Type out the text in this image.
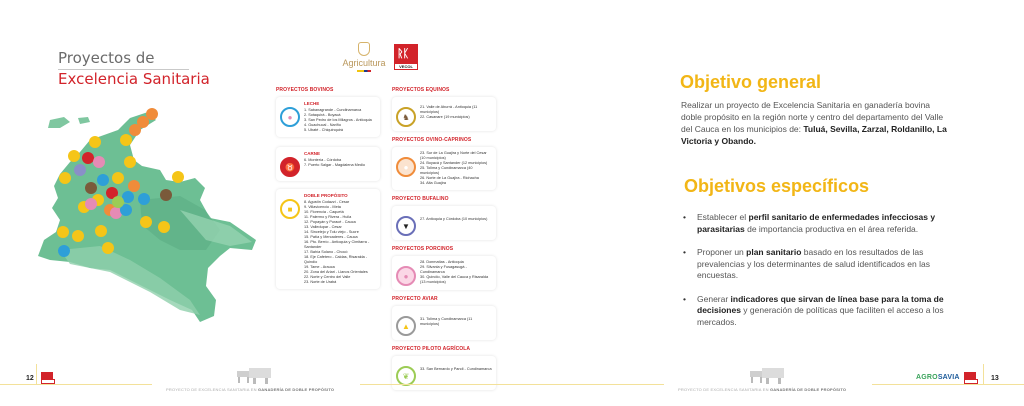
Proyectos de
Excelencia Sanitaria
Agricultura
ᚱᛕ
VECOL
PROYECTOS BOVINOS
●
LECHE
1. Sabanagrande - Cundinamarca
2. Sotaquirá - Boyacá
3. San Pedro de los Milagros - Antioquia
4. Guachucal - Nariño
5. Ubaté - Chiquinquirá
♉
CARNE
6. Montería - Córdoba
7. Puerto Salgar - Magdalena Medio
■
DOBLE PROPÓSITO
8. Agustín Codazzi - Cesar
9. Villavicencio - Meta
10. Florencia - Caquetá
11. Palermo y Rivera - Huila
12. Popayán y Puracé - Cauca
13. Valledupar - Cesar
14. Sincelejo y Tolu viejo - Sucre
15. Patía y Mercaderes - Cauca
16. Pto. Berrío - Antioquia y Cimitarra - Santander
17. Bahía Solano - Chocó
18. Eje Cafetero - Caldas, Risaralda - Quindío
19. Tame - Arauca
20. Zona del Ariari - Llanos Orientales
22. Norte y Centro del Valle
23. Norte de Urabá
PROYECTOS EQUINOS
♞
21. Valle de Aburrá - Antioquia (11 municipios)
22. Casanare (19 municipios)
PROYECTOS OVINO-CAPRINOS
●
23. Sur de La Guajira y Norte del Cesar (10 municipios)
24. Boyacá y Santander (12 municipios)
25. Tolima y Cundinamarca (40 municipios)
26. Norte de La Guajira - Riohacha
34. Alta Guajira
PROYECTO BUFALINO
▼
27. Antioquia y Córdoba (10 municipios)
PROYECTOS PORCINOS
●
28. Donmatías - Antioquia
29. Silvania y Fusagasugá - Cundinamarca
30. Quindío, Valle del Cauca y Risaralda (13 municipios)
PROYECTO AVIAR
▲
31. Tolima y Cundinamarca (11 municipios)
PROYECTO PILOTO AGRÍCOLA
❦
33. San Bernardo y Pandi - Cundinamarca
Objetivo general

Realizar un proyecto de Excelencia Sanitaria en ganadería bovina doble propósito en la región norte y centro del departamento del Valle del Cauca en los municipios de: Tuluá, Sevilla, Zarzal, Roldanillo, La Victoria y Obando.

Objetivos específicos
• Establecer el perfil sanitario de enfermedades infecciosas y parasitarias de importancia productiva en el área referida.
• Proponer un plan sanitario basado en los resultados de las prevalencias y los determinantes de salud identificados en las encuestas.
• Generar indicadores que sirvan de línea base para la toma de decisiones y generación de políticas que faciliten el acceso a los mercados.
12
PROYECTO DE EXCELENCIA SANITARIA EN GANADERÍA DE DOBLE PROPÓSITO	PROYECTO DE EXCELENCIA SANITARIA EN GANADERÍA DE DOBLE PROPÓSITO
AGROSAVIA	13
